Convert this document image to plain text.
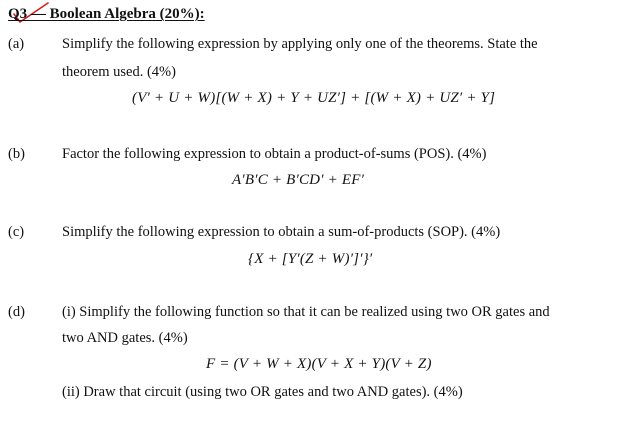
Q3 — Boolean Algebra (20%):
(a)	Simplify the following expression by applying only one of the theorems. State the
theorem used. (4%)
(V′ + U + W)[(W + X) + Y + UZ′] + [(W + X) + UZ′ + Y]
(b)	Factor the following expression to obtain a product-of-sums (POS). (4%)
A′B′C + B′CD′ + EF′
(c)	Simplify the following expression to obtain a sum-of-products (SOP). (4%)
{X + [Y′(Z + W)′]′}′
(d)	(i) Simplify the following function so that it can be realized using two OR gates and
two AND gates. (4%)
F = (V + W + X)(V + X + Y)(V + Z)
(ii) Draw that circuit (using two OR gates and two AND gates). (4%)
